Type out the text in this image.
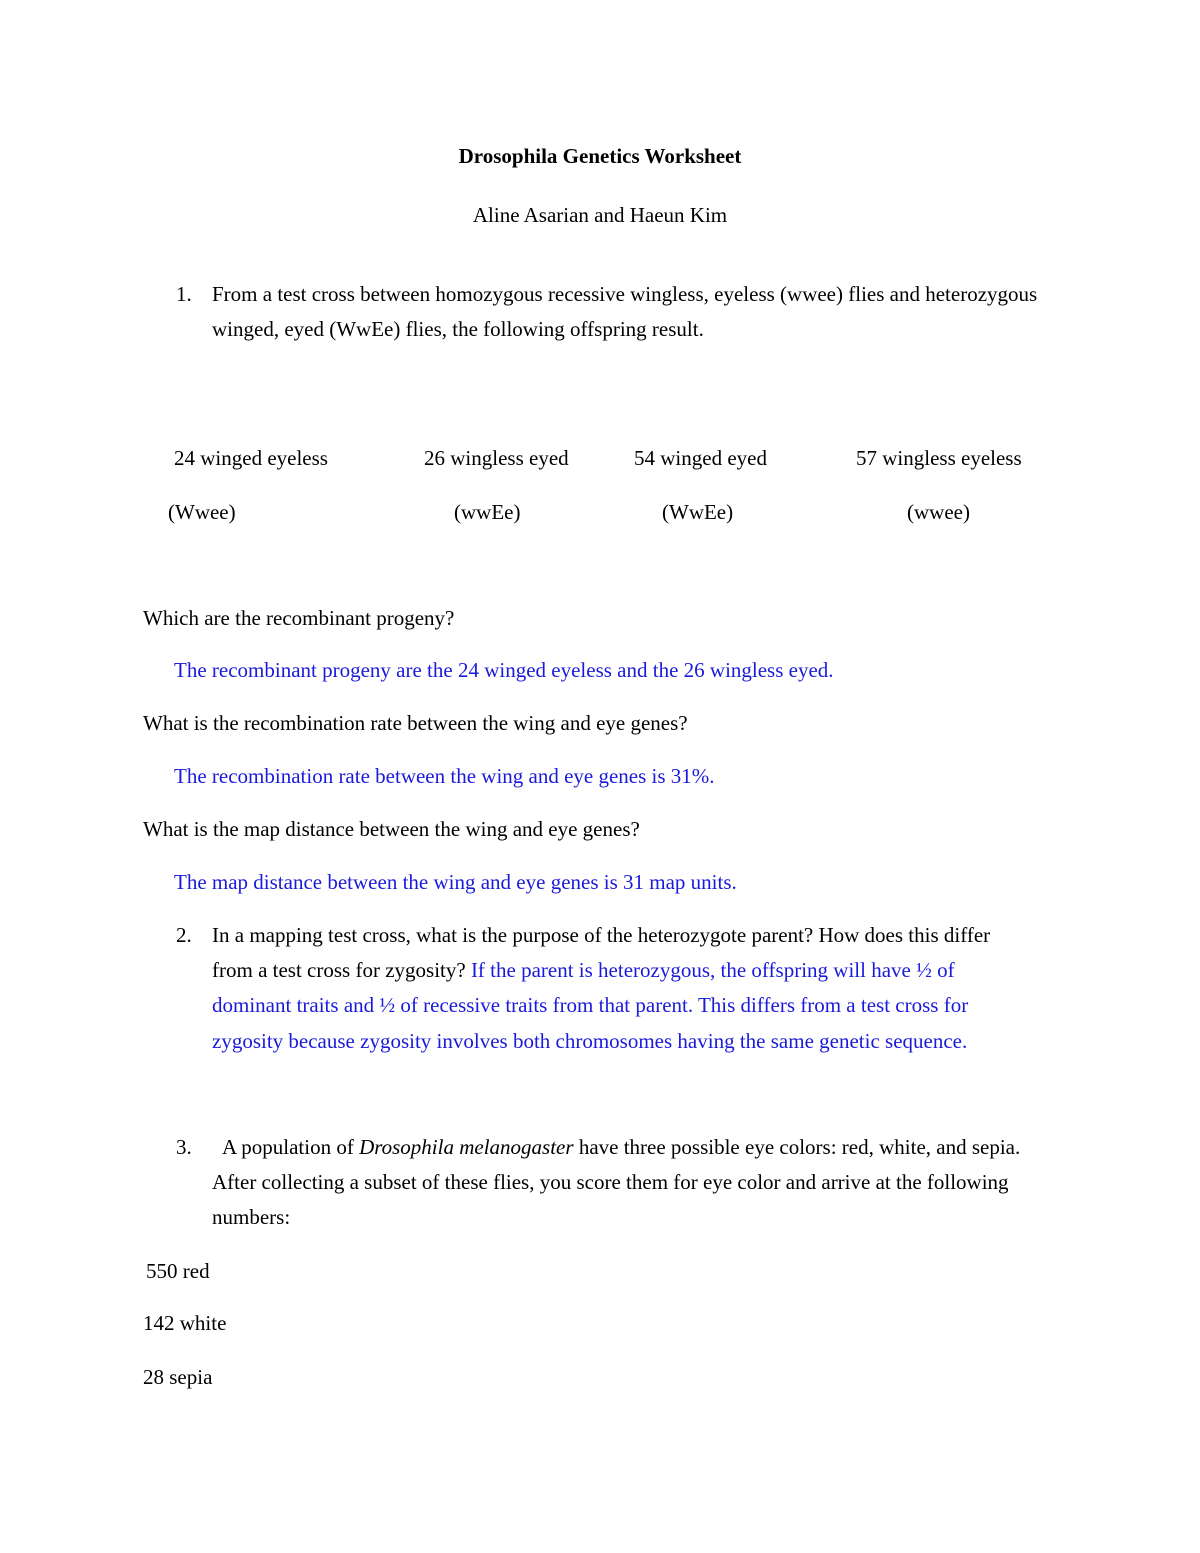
Drosophila Genetics Worksheet
Aline Asarian and Haeun Kim
1. From a test cross between homozygous recessive wingless, eyeless (wwee) flies and heterozygous
winged, eyed (WwEe) flies, the following offspring result.
24 winged eyeless	26 wingless eyed	54 winged eyed	57 wingless eyeless
(Wwee)	(wwEe)	(WwEe)	(wwee)
Which are the recombinant progeny?
The recombinant progeny are the 24 winged eyeless and the 26 wingless eyed.
What is the recombination rate between the wing and eye genes?
The recombination rate between the wing and eye genes is 31%.
What is the map distance between the wing and eye genes?
The map distance between the wing and eye genes is 31 map units.
2. In a mapping test cross, what is the purpose of the heterozygote parent? How does this differ
from a test cross for zygosity? If the parent is heterozygous, the offspring will have ½ of
dominant traits and ½ of recessive traits from that parent. This differs from a test cross for
zygosity because zygosity involves both chromosomes having the same genetic sequence.
3. A population of Drosophila melanogaster have three possible eye colors: red, white, and sepia.
After collecting a subset of these flies, you score them for eye color and arrive at the following
numbers:
550 red
142 white
28 sepia
